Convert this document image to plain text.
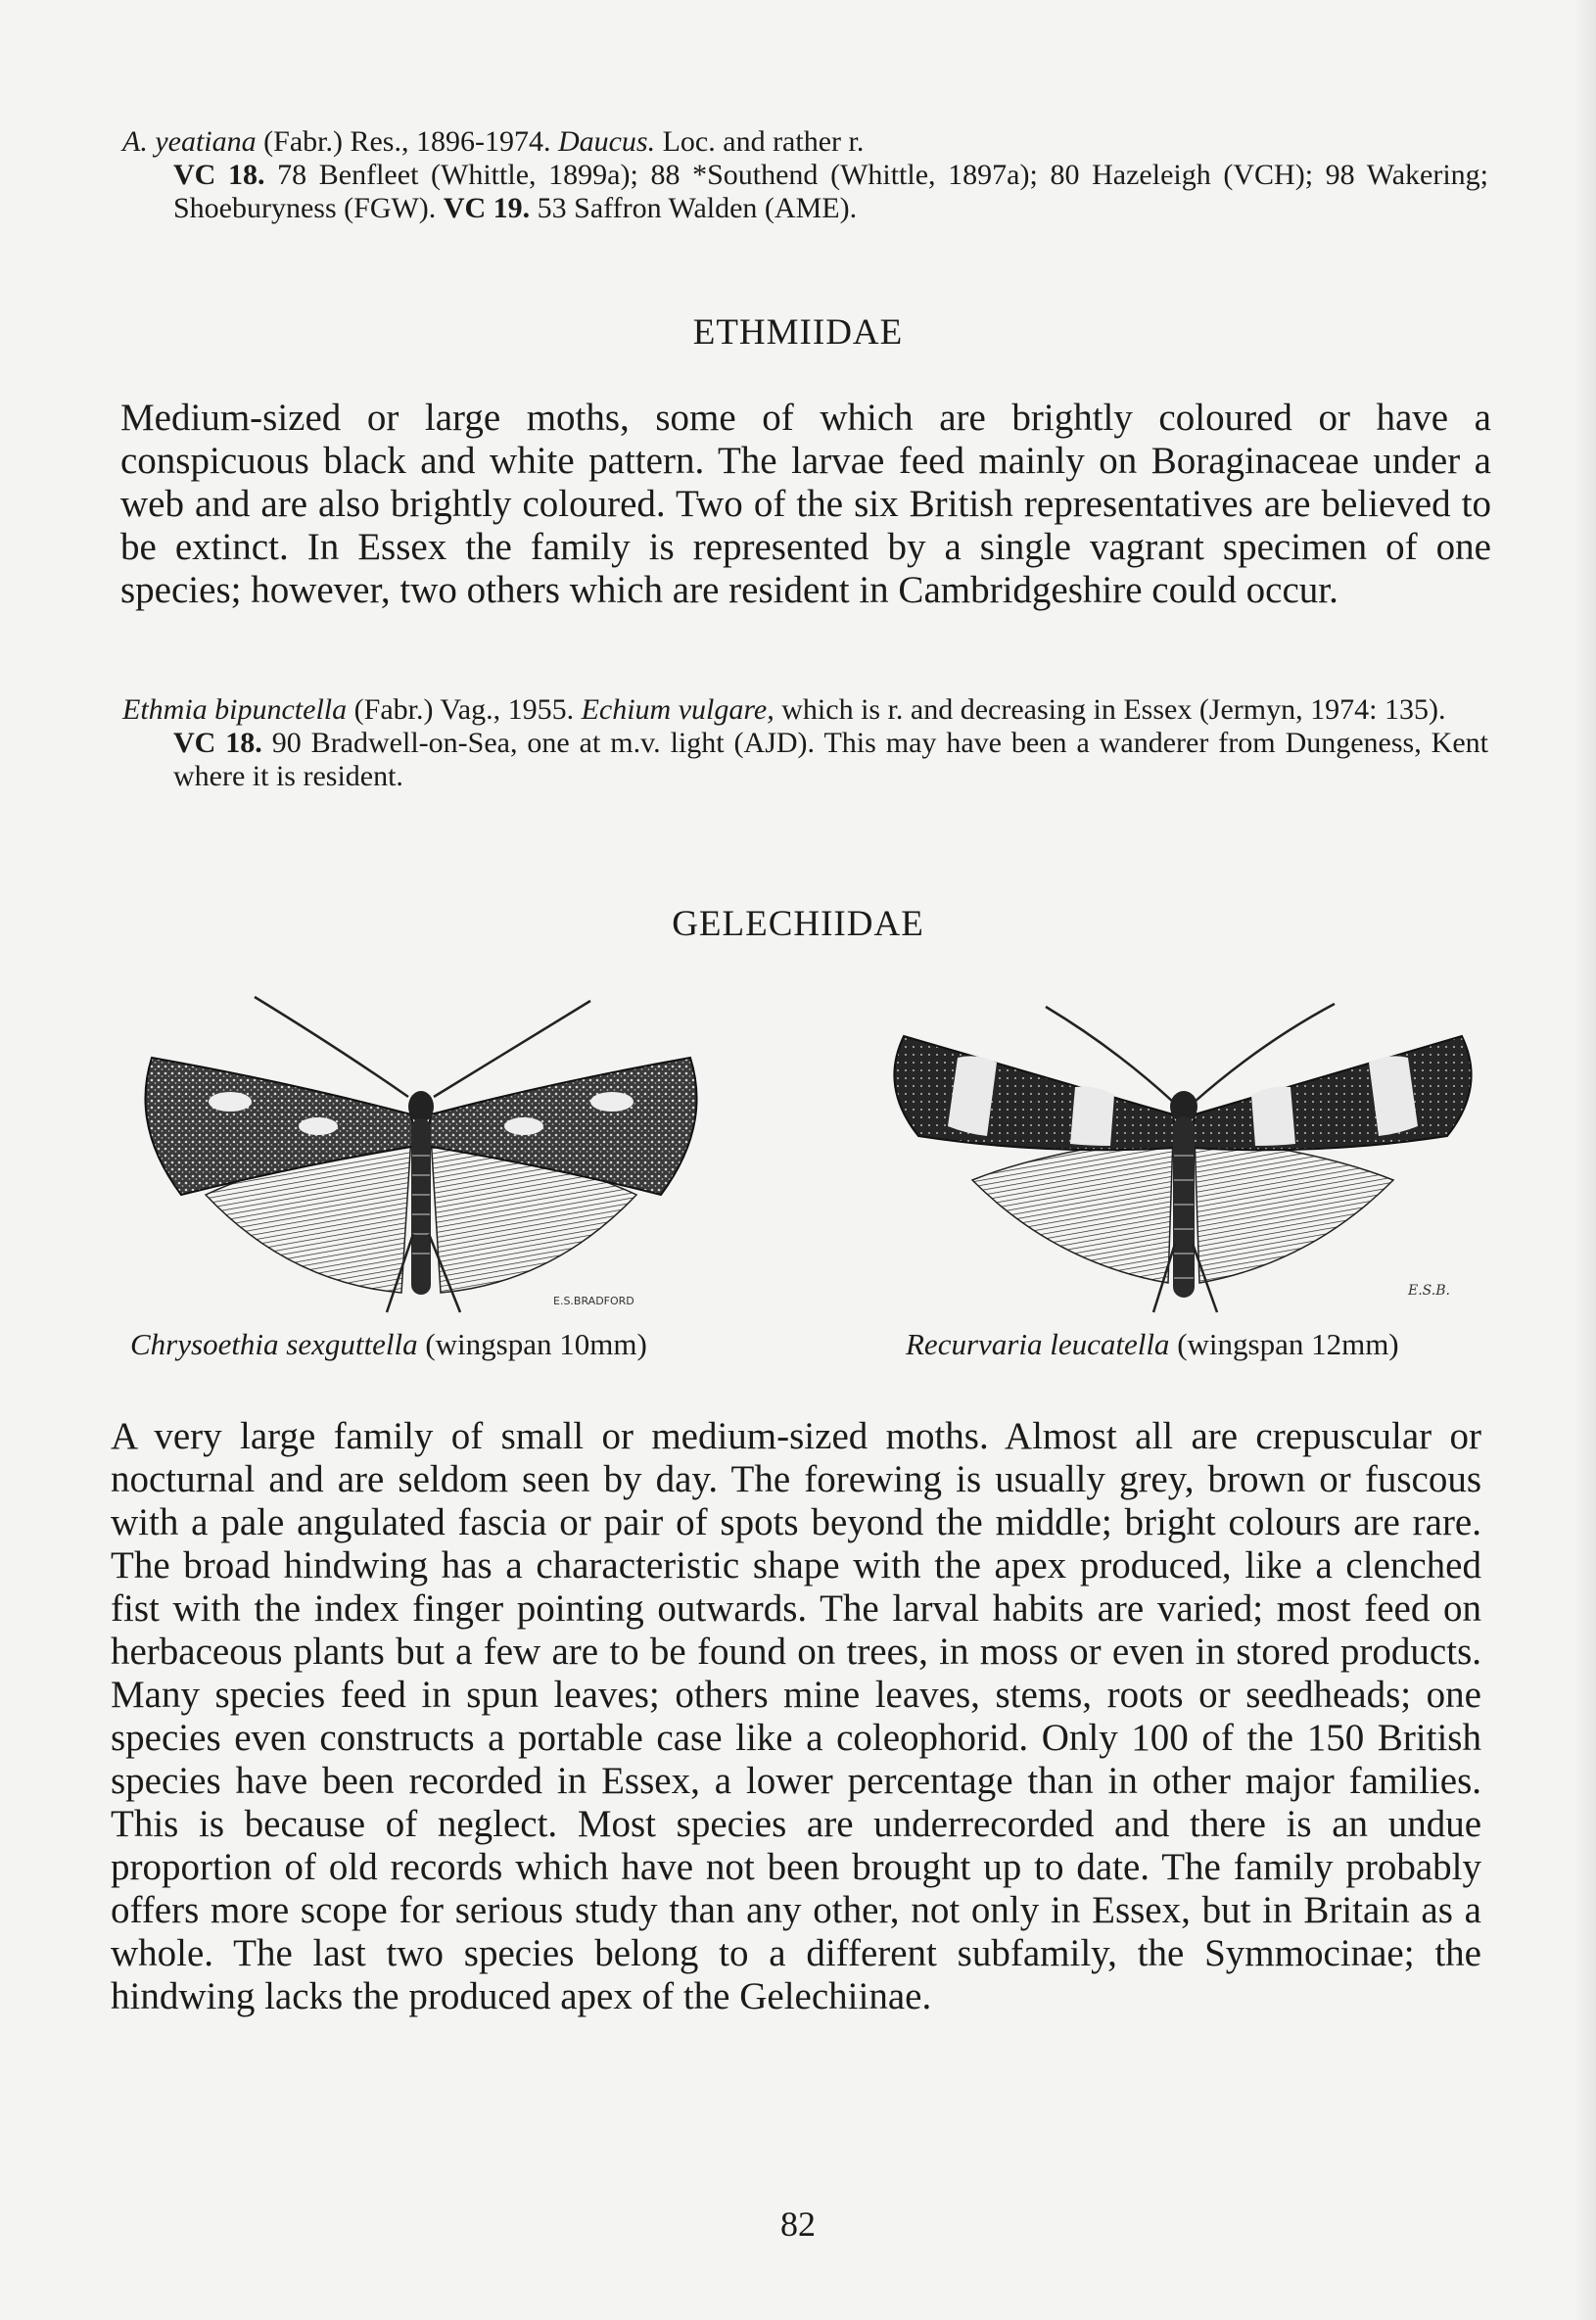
A. yeatiana (Fabr.) Res., 1896-1974. Daucus. Loc. and rather r.
VC 18. 78 Benfleet (Whittle, 1899a); 88 *Southend (Whittle, 1897a); 80 Hazeleigh (VCH); 98 Wakering; Shoeburyness (FGW). VC 19. 53 Saffron Walden (AME).
ETHMIIDAE
Medium-sized or large moths, some of which are brightly coloured or have a conspicuous black and white pattern. The larvae feed mainly on Boraginaceae under a web and are also brightly coloured. Two of the six British representatives are believed to be extinct. In Essex the family is represented by a single vagrant specimen of one species; however, two others which are resident in Cambridgeshire could occur.
Ethmia bipunctella (Fabr.) Vag., 1955. Echium vulgare, which is r. and decreasing in Essex (Jermyn, 1974: 135).
VC 18. 90 Bradwell-on-Sea, one at m.v. light (AJD). This may have been a wanderer from Dungeness, Kent where it is resident.
GELECHIIDAE
E.S.BRADFORD
E.S.B.
Chrysoethia sexguttella (wingspan 10mm)	Recurvaria leucatella (wingspan 12mm)
A very large family of small or medium-sized moths. Almost all are crepuscular or nocturnal and are seldom seen by day. The forewing is usually grey, brown or fuscous with a pale angulated fascia or pair of spots beyond the middle; bright colours are rare. The broad hindwing has a characteristic shape with the apex produced, like a clenched fist with the index finger pointing outwards. The larval habits are varied; most feed on herbaceous plants but a few are to be found on trees, in moss or even in stored products. Many species feed in spun leaves; others mine leaves, stems, roots or seedheads; one species even constructs a portable case like a coleophorid. Only 100 of the 150 British species have been recorded in Essex, a lower percentage than in other major families. This is because of neglect. Most species are underrecorded and there is an undue proportion of old records which have not been brought up to date. The family probably offers more scope for serious study than any other, not only in Essex, but in Britain as a whole. The last two species belong to a different subfamily, the Symmocinae; the hindwing lacks the produced apex of the Gelechiinae.
82
